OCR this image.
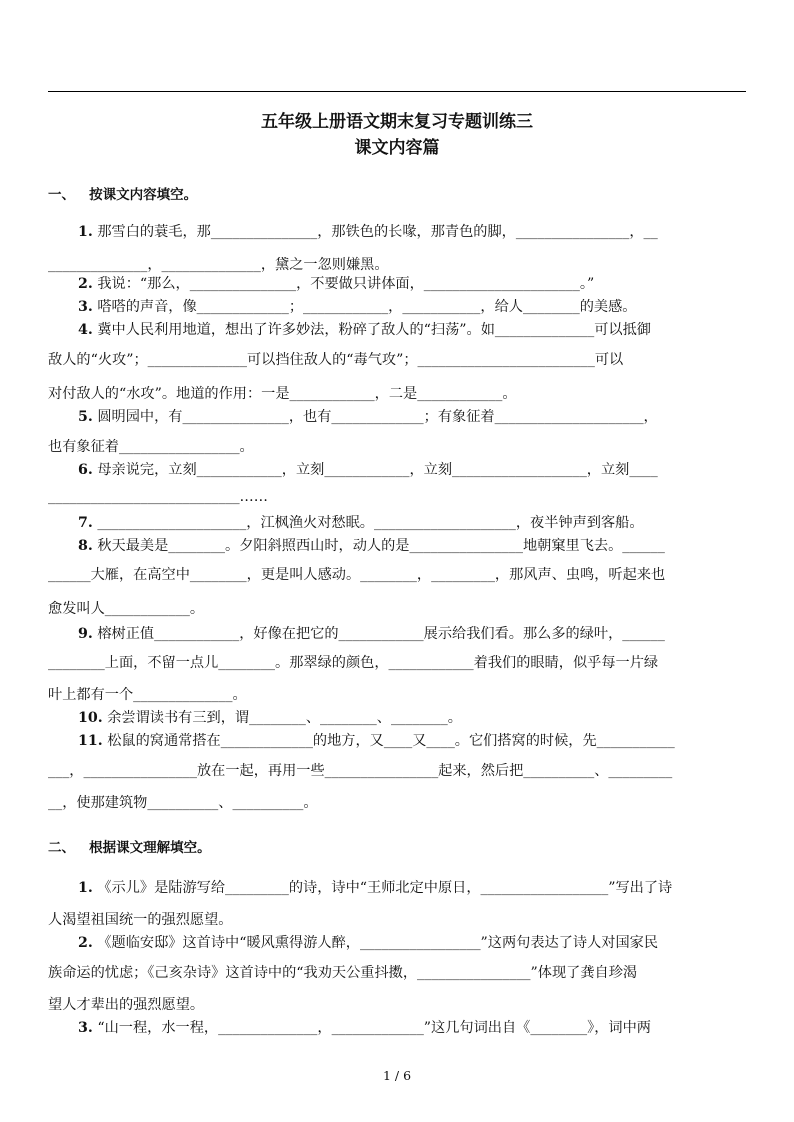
五年级上册语文期末复习专题训练三
课文内容篇
一、 按课文内容填空。
二、 根据课文理解填空。
1. 那雪白的蓑毛，那_______________，那铁色的长喙，那青色的脚，________________，__
______________，______________，黛之一忽则嫌黑。
2. 我说：“那么，_______________，不要做只讲体面，______________________。”
3. 嗒嗒的声音，像_____________；____________，___________，给人________的美感。
4. 冀中人民利用地道，想出了许多妙法，粉碎了敌人的“扫荡”。如______________可以抵御
敌人的“火攻”；______________可以挡住敌人的“毒气攻”；_________________________可以
对付敌人的“水攻”。地道的作用：一是____________，二是____________。
5. 圆明园中，有_______________，也有_____________；有象征着_____________________，
也有象征着_________________。
6. 母亲说完，立刻____________，立刻____________，立刻___________________，立刻____
___________________________……
7. _____________________，江枫渔火对愁眠。____________________，夜半钟声到客船。
8. 秋天最美是________。夕阳斜照西山时，动人的是________________地朝窠里飞去。______
______大雁，在高空中________，更是叫人感动。________，_________，那风声、虫鸣，听起来也
愈发叫人____________。
9. 榕树正值____________，好像在把它的____________展示给我们看。那么多的绿叶，______
________上面，不留一点儿________。那翠绿的颜色，____________着我们的眼睛，似乎每一片绿
叶上都有一个______________。
10. 余尝谓读书有三到，谓________、________、________。
11. 松鼠的窝通常搭在_____________的地方，又____又____。它们搭窝的时候，先___________
___，________________放在一起，再用一些________________起来，然后把__________、_________
__，使那建筑物__________、__________。
1. 《示儿》是陆游写给_________的诗，诗中“王师北定中原日，__________________”写出了诗
人渴望祖国统一的强烈愿望。
2. 《题临安邸》这首诗中“暖风熏得游人醉，_________________”这两句表达了诗人对国家民
族命运的忧虑；《己亥杂诗》这首诗中的“我劝天公重抖擞，________________”体现了龚自珍渴
望人才辈出的强烈愿望。
3. “山一程，水一程，______________，_____________”这几句词出自《________》，词中两
1 / 6
